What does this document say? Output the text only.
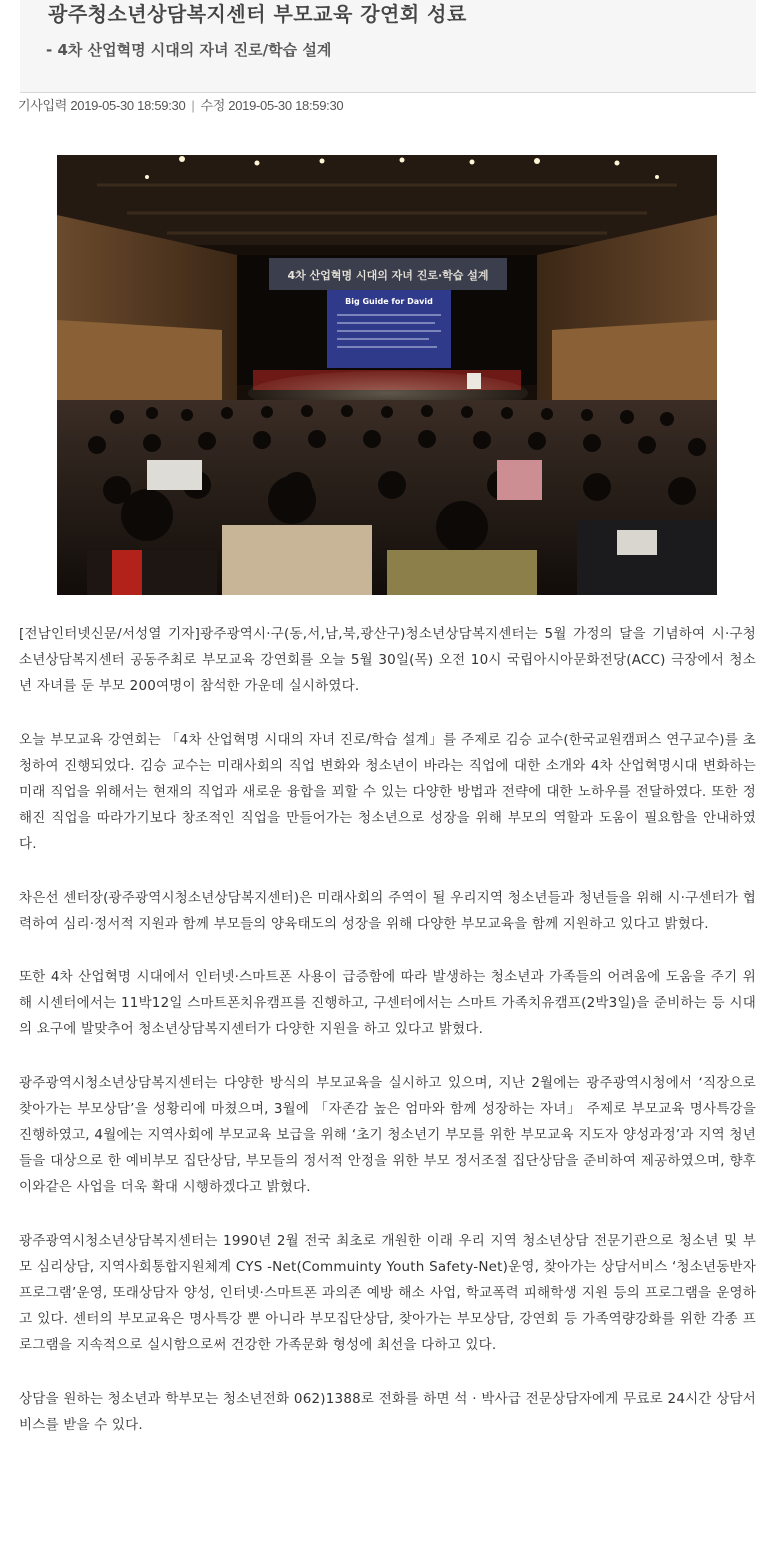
광주청소년상담복지센터 부모교육 강연회 성료
- 4차 산업혁명 시대의 자녀 진로/학습 설계
기사입력 2019-05-30 18:59:30 | 수정 2019-05-30 18:59:30
4차 산업혁명 시대의 자녀 진로·학습 설계
Big Guide for David

[전남인터넷신문/서성열 기자]광주광역시·구(동,서,남,북,광산구)청소년상담복지센터는 5월 가정의 달을 기념하여 시·구청소년상담복지센터 공동주최로 부모교육 강연회를 오늘 5월 30일(목) 오전 10시 국립아시아문화전당(ACC) 극장에서 청소년 자녀를 둔 부모 200여명이 참석한 가운데 실시하였다.

오늘 부모교육 강연회는 「4차 산업혁명 시대의 자녀 진로/학습 설계」를 주제로 김승 교수(한국교원캠퍼스 연구교수)를 초청하여 진행되었다. 김승 교수는 미래사회의 직업 변화와 청소년이 바라는 직업에 대한 소개와 4차 산업혁명시대 변화하는 미래 직업을 위해서는 현재의 직업과 새로운 융합을 꾀할 수 있는 다양한 방법과 전략에 대한 노하우를 전달하였다. 또한 정해진 직업을 따라가기보다 창조적인 직업을 만들어가는 청소년으로 성장을 위해 부모의 역할과 도움이 필요함을 안내하였다.

차은선 센터장(광주광역시청소년상담복지센터)은 미래사회의 주역이 될 우리지역 청소년들과 청년들을 위해 시·구센터가 협력하여 심리·정서적 지원과 함께 부모들의 양육태도의 성장을 위해 다양한 부모교육을 함께 지원하고 있다고 밝혔다.

또한 4차 산업혁명 시대에서 인터넷·스마트폰 사용이 급증함에 따라 발생하는 청소년과 가족들의 어려움에 도움을 주기 위해 시센터에서는 11박12일 스마트폰치유캠프를 진행하고, 구센터에서는 스마트 가족치유캠프(2박3일)을 준비하는 등 시대의 요구에 발맞추어 청소년상담복지센터가 다양한 지원을 하고 있다고 밝혔다.

광주광역시청소년상담복지센터는 다양한 방식의 부모교육을 실시하고 있으며, 지난 2월에는 광주광역시청에서 ‘직장으로 찾아가는 부모상담’을 성황리에 마쳤으며, 3월에 「자존감 높은 엄마와 함께 성장하는 자녀」 주제로 부모교육 명사특강을 진행하였고, 4월에는 지역사회에 부모교육 보급을 위해 ‘초기 청소년기 부모를 위한 부모교육 지도자 양성과정’과 지역 청년들을 대상으로 한 예비부모 집단상담, 부모들의 정서적 안정을 위한 부모 정서조절 집단상담을 준비하여 제공하였으며, 향후 이와같은 사업을 더욱 확대 시행하겠다고 밝혔다.

광주광역시청소년상담복지센터는 1990년 2월 전국 최초로 개원한 이래 우리 지역 청소년상담 전문기관으로 청소년 및 부모 심리상담, 지역사회통합지원체계 CYS -Net(Commuinty Youth Safety-Net)운영, 찾아가는 상담서비스 ‘청소년동반자 프로그램’운영, 또래상담자 양성, 인터넷·스마트폰 과의존 예방 해소 사업, 학교폭력 피해학생 지원 등의 프로그램을 운영하고 있다. 센터의 부모교육은 명사특강 뿐 아니라 부모집단상담, 찾아가는 부모상담, 강연회 등 가족역량강화를 위한 각종 프로그램을 지속적으로 실시함으로써 건강한 가족문화 형성에 최선을 다하고 있다.

상담을 원하는 청소년과 학부모는 청소년전화 062)1388로 전화를 하면 석 · 박사급 전문상담자에게 무료로 24시간 상담서비스를 받을 수 있다.
